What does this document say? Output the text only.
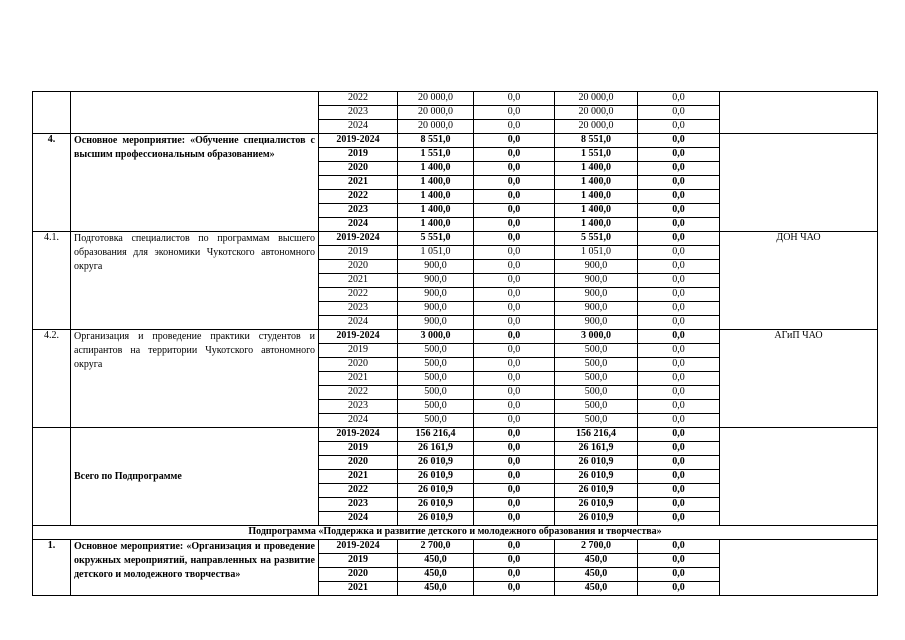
		2022	20 000,0	0,0	20 000,0	0,0	
		2023	20 000,0	0,0	20 000,0	0,0	
		2024	20 000,0	0,0	20 000,0	0,0	
4.	Основное мероприятие: «Обучение специалистов с высшим профессиональным образованием»	2019-2024	8 551,0	0,0	8 551,0	0,0	
		2019	1 551,0	0,0	1 551,0	0,0	
		2020	1 400,0	0,0	1 400,0	0,0	
		2021	1 400,0	0,0	1 400,0	0,0	
		2022	1 400,0	0,0	1 400,0	0,0	
		2023	1 400,0	0,0	1 400,0	0,0	
		2024	1 400,0	0,0	1 400,0	0,0	
4.1.	Подготовка специалистов по программам высшего образования для экономики Чукотского автономного округа	2019-2024	5 551,0	0,0	5 551,0	0,0	ДОН ЧАО
		2019	1 051,0	0,0	1 051,0	0,0	
		2020	900,0	0,0	900,0	0,0	
		2021	900,0	0,0	900,0	0,0	
		2022	900,0	0,0	900,0	0,0	
		2023	900,0	0,0	900,0	0,0	
		2024	900,0	0,0	900,0	0,0	
4.2.	Организация и проведение практики студентов и аспирантов на территории Чукотского автономного округа	2019-2024	3 000,0	0,0	3 000,0	0,0	АГиП ЧАО
		2019	500,0	0,0	500,0	0,0	
		2020	500,0	0,0	500,0	0,0	
		2021	500,0	0,0	500,0	0,0	
		2022	500,0	0,0	500,0	0,0	
		2023	500,0	0,0	500,0	0,0	
		2024	500,0	0,0	500,0	0,0	
	Всего по Подпрограмме	2019-2024	156 216,4	0,0	156 216,4	0,0	
		2019	26 161,9	0,0	26 161,9	0,0	
		2020	26 010,9	0,0	26 010,9	0,0	
		2021	26 010,9	0,0	26 010,9	0,0	
		2022	26 010,9	0,0	26 010,9	0,0	
		2023	26 010,9	0,0	26 010,9	0,0	
		2024	26 010,9	0,0	26 010,9	0,0	
Подпрограмма «Поддержка и развитие детского и молодежного образования и творчества»							
1.	Основное мероприятие: «Организация и проведение окружных мероприятий, направленных на развитие детского и молодежного творчества»	2019-2024	2 700,0	0,0	2 700,0	0,0	
		2019	450,0	0,0	450,0	0,0	
		2020	450,0	0,0	450,0	0,0	
		2021	450,0	0,0	450,0	0,0	
